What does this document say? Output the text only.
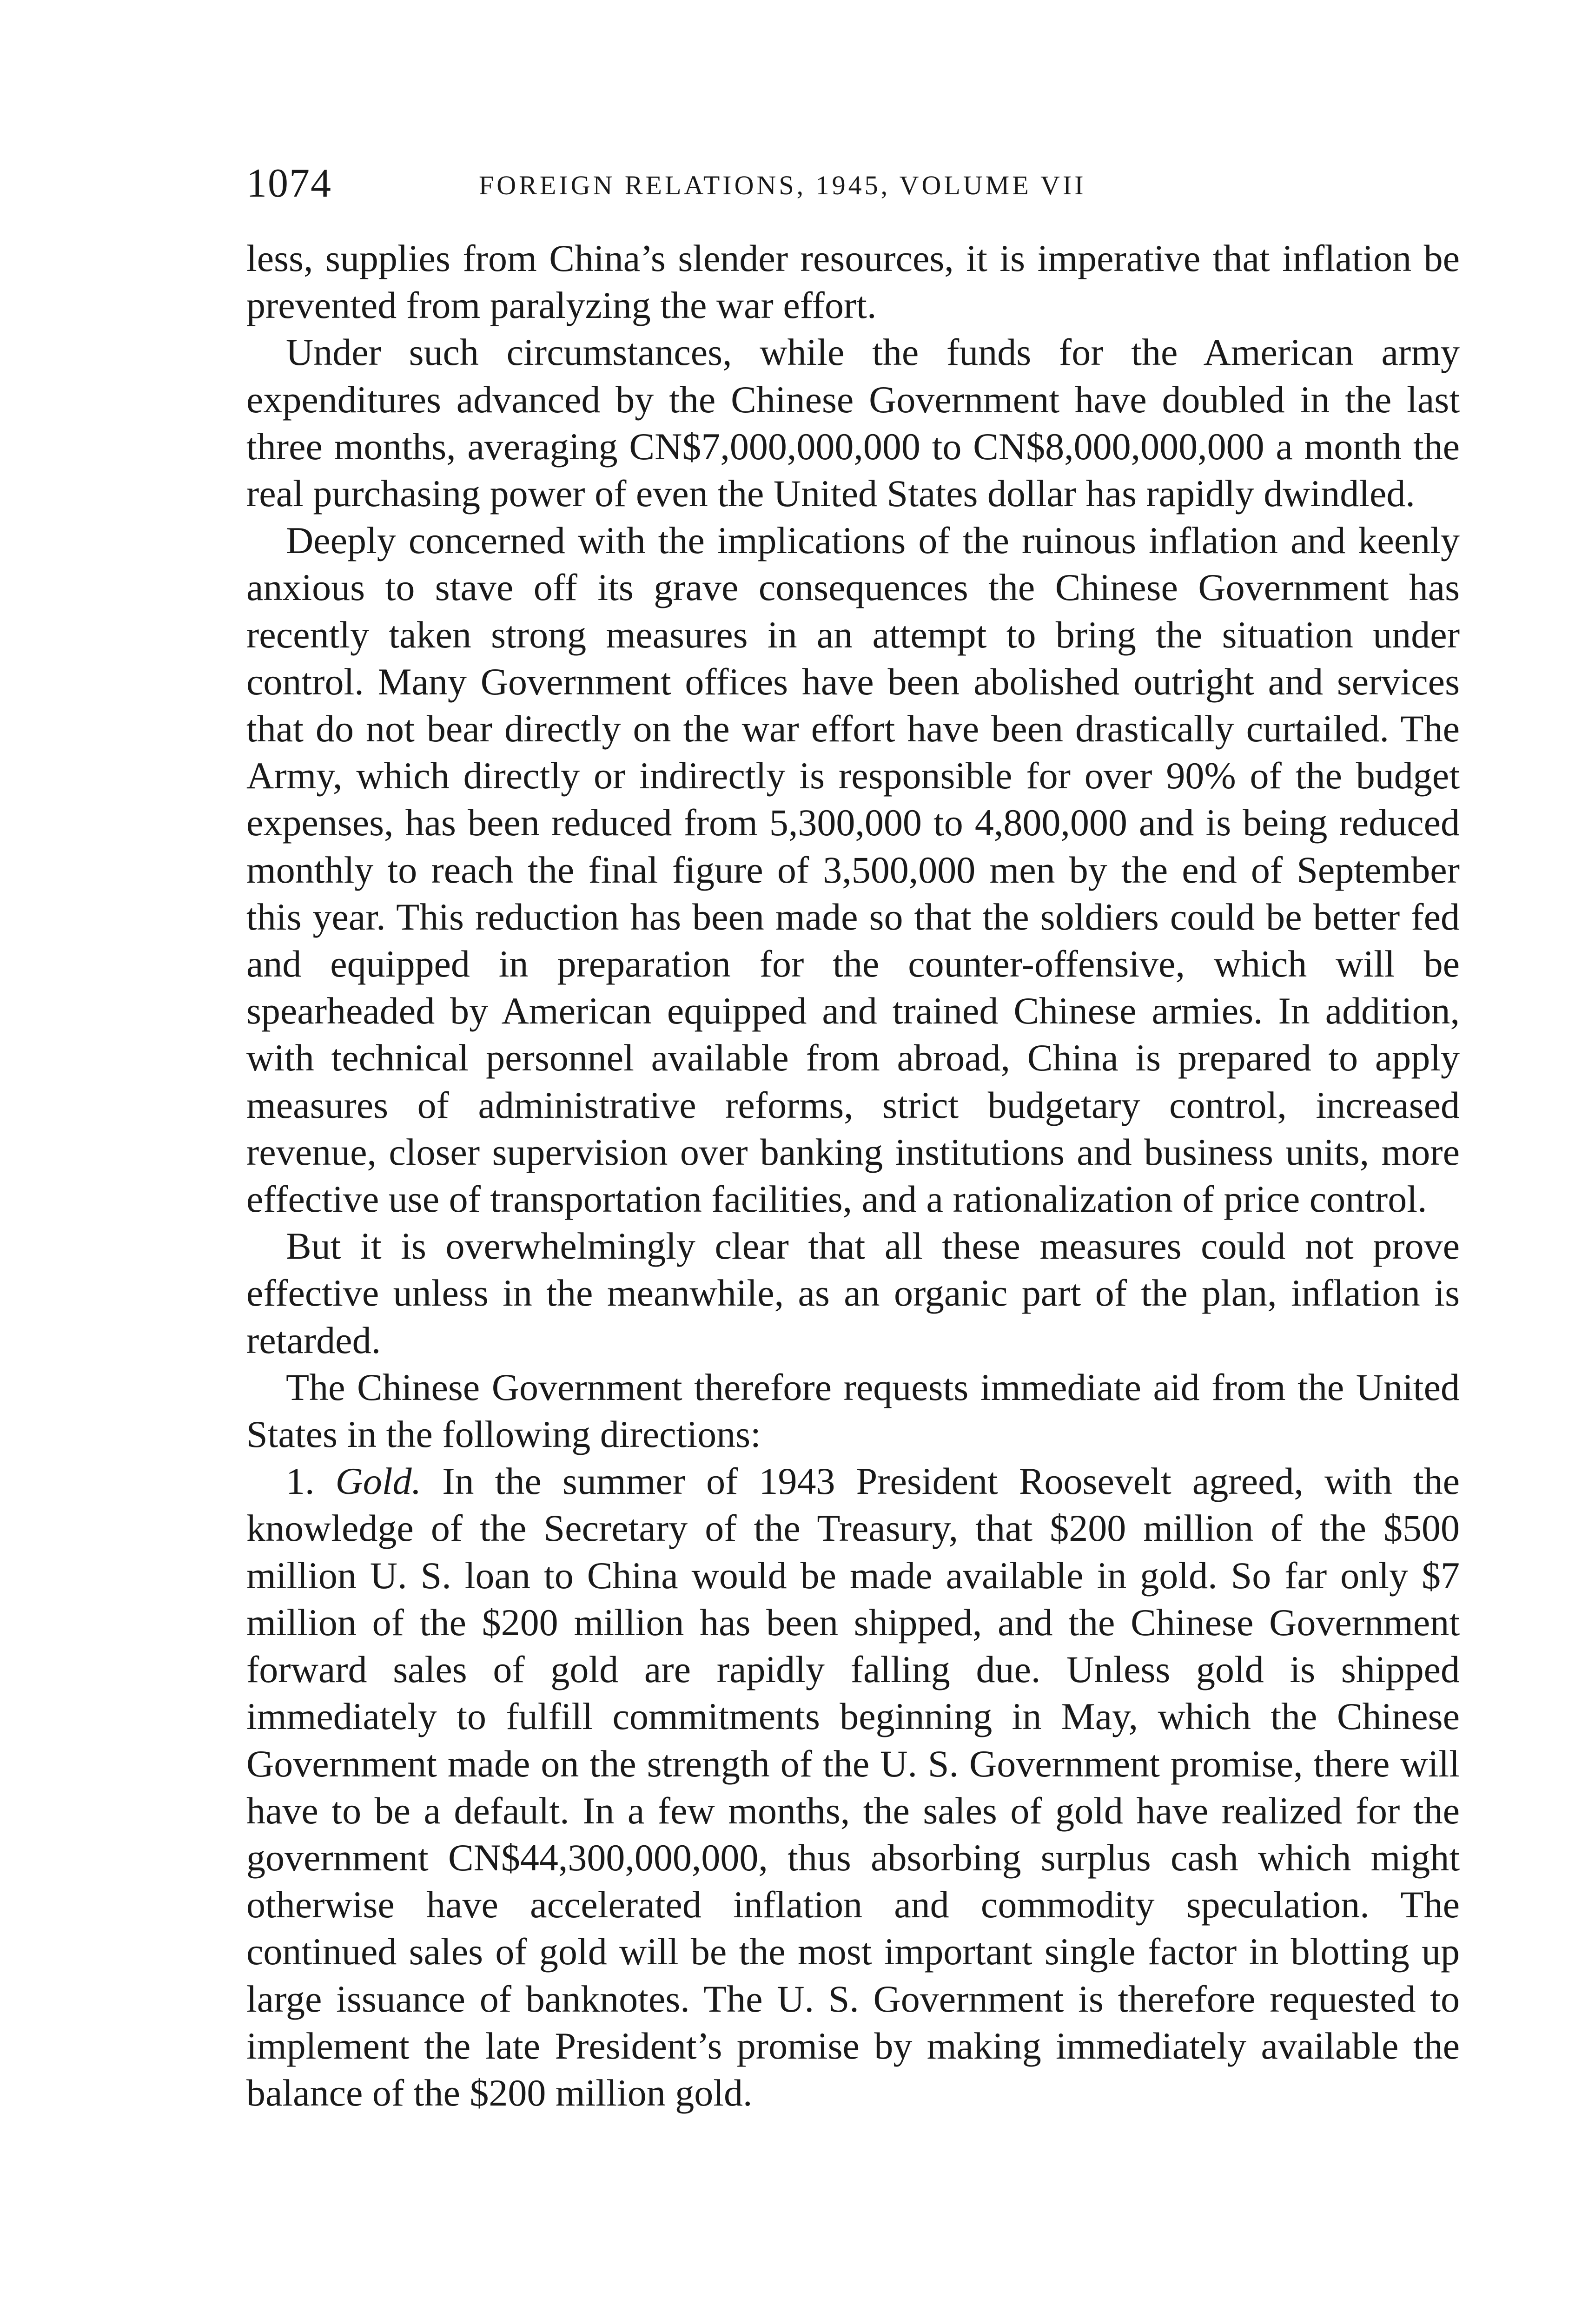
1074	FOREIGN RELATIONS, 1945, VOLUME VII

less, supplies from China’s slender resources, it is imperative that inflation be prevented from paralyzing the war effort.

Under such circumstances, while the funds for the American army expenditures advanced by the Chinese Government have doubled in the last three months, averaging CN$7,000,000,000 to CN$8,000,000,000 a month the real purchasing power of even the United States dollar has rapidly dwindled.

Deeply concerned with the implications of the ruinous inflation and keenly anxious to stave off its grave consequences the Chinese Government has recently taken strong measures in an attempt to bring the situation under control. Many Government offices have been abolished outright and services that do not bear directly on the war effort have been drastically curtailed. The Army, which directly or indirectly is responsible for over 90% of the budget expenses, has been reduced from 5,300,000 to 4,800,000 and is being reduced monthly to reach the final figure of 3,500,000 men by the end of September this year. This reduction has been made so that the soldiers could be better fed and equipped in preparation for the counter-offensive, which will be spearheaded by American equipped and trained Chinese armies. In addition, with technical personnel available from abroad, China is prepared to apply measures of administrative reforms, strict budgetary control, increased revenue, closer supervision over banking institutions and business units, more effective use of transportation facilities, and a rationalization of price control.

But it is overwhelmingly clear that all these measures could not prove effective unless in the meanwhile, as an organic part of the plan, inflation is retarded.

The Chinese Government therefore requests immediate aid from the United States in the following directions:

1. Gold. In the summer of 1943 President Roosevelt agreed, with the knowledge of the Secretary of the Treasury, that $200 million of the $500 million U. S. loan to China would be made available in gold. So far only $7 million of the $200 million has been shipped, and the Chinese Government forward sales of gold are rapidly falling due. Unless gold is shipped immediately to fulfill commitments beginning in May, which the Chinese Government made on the strength of the U. S. Government promise, there will have to be a default. In a few months, the sales of gold have realized for the government CN$44,300,000,000, thus absorbing surplus cash which might otherwise have accelerated inflation and commodity speculation. The continued sales of gold will be the most important single factor in blotting up large issuance of banknotes. The U. S. Government is therefore requested to implement the late President’s promise by making immediately available the balance of the $200 million gold.
